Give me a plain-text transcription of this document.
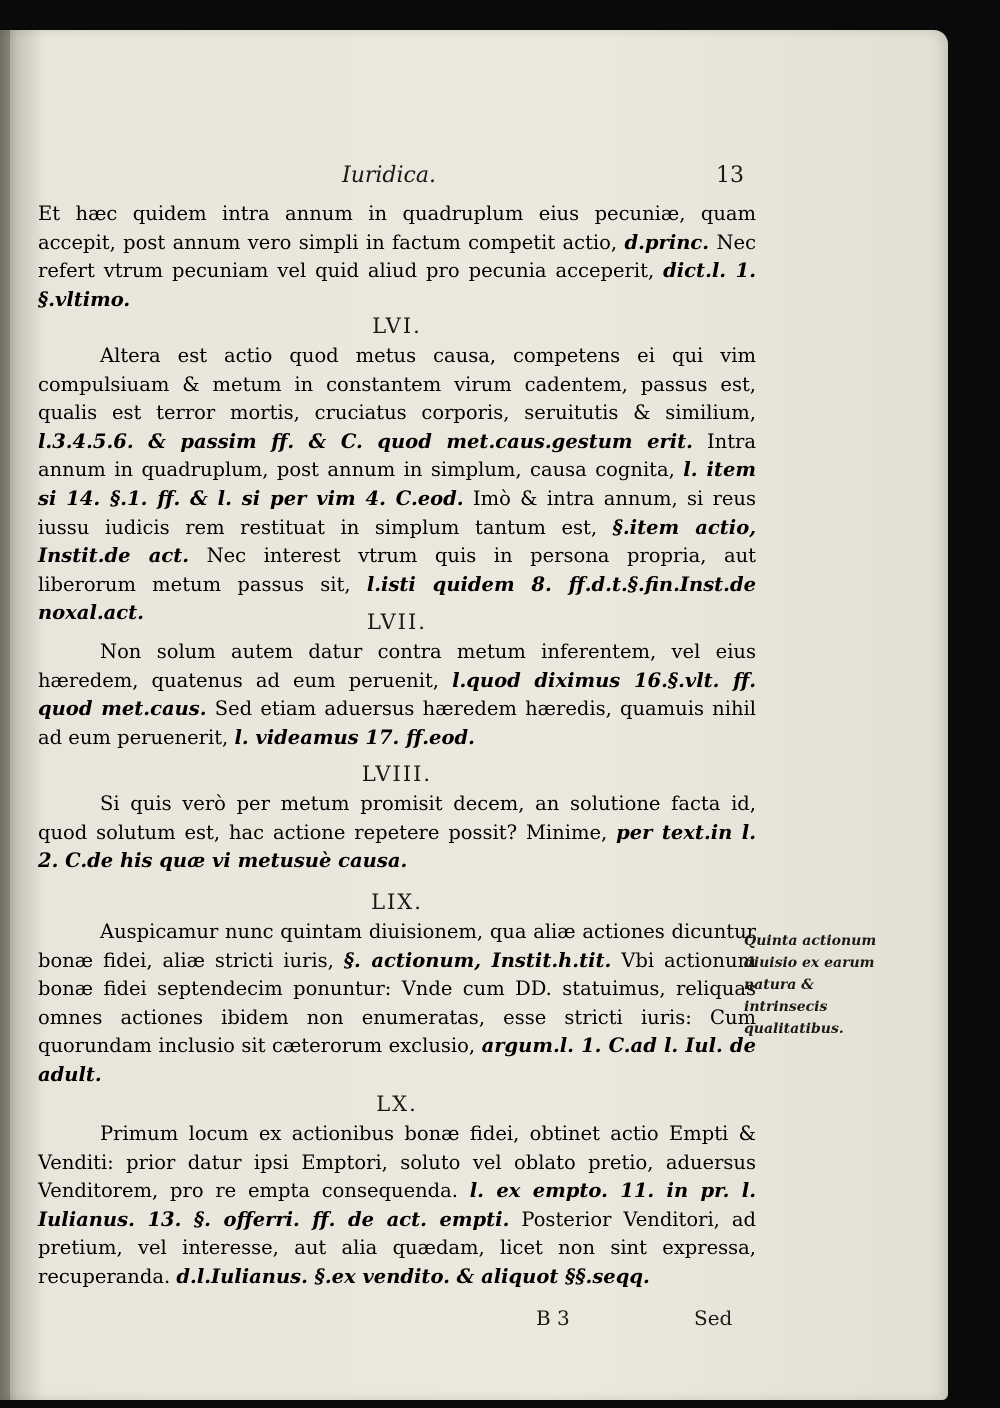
Iuridica.	13

Et hæc quidem intra annum in quadruplum eius pecuniæ, quam accepit, post annum vero simpli in factum competit actio, d.princ. Nec refert vtrum pecuniam vel quid aliud pro pecunia acceperit, dict.l. 1. §.vltimo.

LVI.

Altera est actio quod metus causa, competens ei qui vim compulsiuam & metum in constantem virum cadentem, passus est, qualis est terror mortis, cruciatus corporis, seruitutis & similium, l.3.4.5.6. & passim ff. & C. quod met.caus.gestum erit. Intra annum in quadruplum, post annum in simplum, causa cognita, l. item si 14. §.1. ff. & l. si per vim 4. C.eod. Imò & intra annum, si reus iussu iudicis rem restituat in simplum tantum est, §.item actio, Instit.de act. Nec interest vtrum quis in persona propria, aut liberorum metum passus sit, l.isti quidem 8. ff.d.t.§.fin.Inst.de noxal.act.	LVII.

Non solum autem datur contra metum inferentem, vel eius hæredem, quatenus ad eum peruenit, l.quod diximus 16.§.vlt. ff. quod met.caus. Sed etiam aduersus hæredem hæredis, quamuis nihil ad eum peruenerit, l. videamus 17. ff.eod.

LVIII.

Si quis verò per metum promisit decem, an solutione facta id, quod solutum est, hac actione repetere possit? Minime, per text.in l. 2. C.de his quæ vi metusuè causa.

LIX.

Auspicamur nunc quintam diuisionem, qua aliæ actiones dicuntur bonæ fidei, aliæ stricti iuris, §. actionum, Instit.h.tit. Vbi actionum bonæ fidei septendecim ponuntur: Vnde cum DD. statuimus, reliquas omnes actiones ibidem non enumeratas, esse stricti iuris: Cum quorundam inclusio sit cæterorum exclusio, argum.l. 1. C.ad l. Iul. de adult.

Quinta actionum diuisio ex earum natura & intrinsecis qualitatibus.
LX.

Primum locum ex actionibus bonæ fidei, obtinet actio Empti & Venditi: prior datur ipsi Emptori, soluto vel oblato pretio, aduersus Venditorem, pro re empta consequenda. l. ex empto. 11. in pr. l. Iulianus. 13. §. offerri. ff. de act. empti. Posterior Venditori, ad pretium, vel interesse, aut alia quædam, licet non sint expressa, recuperanda. d.l.Iulianus. §.ex vendito. & aliquot §§.seqq.

B 3	Sed
